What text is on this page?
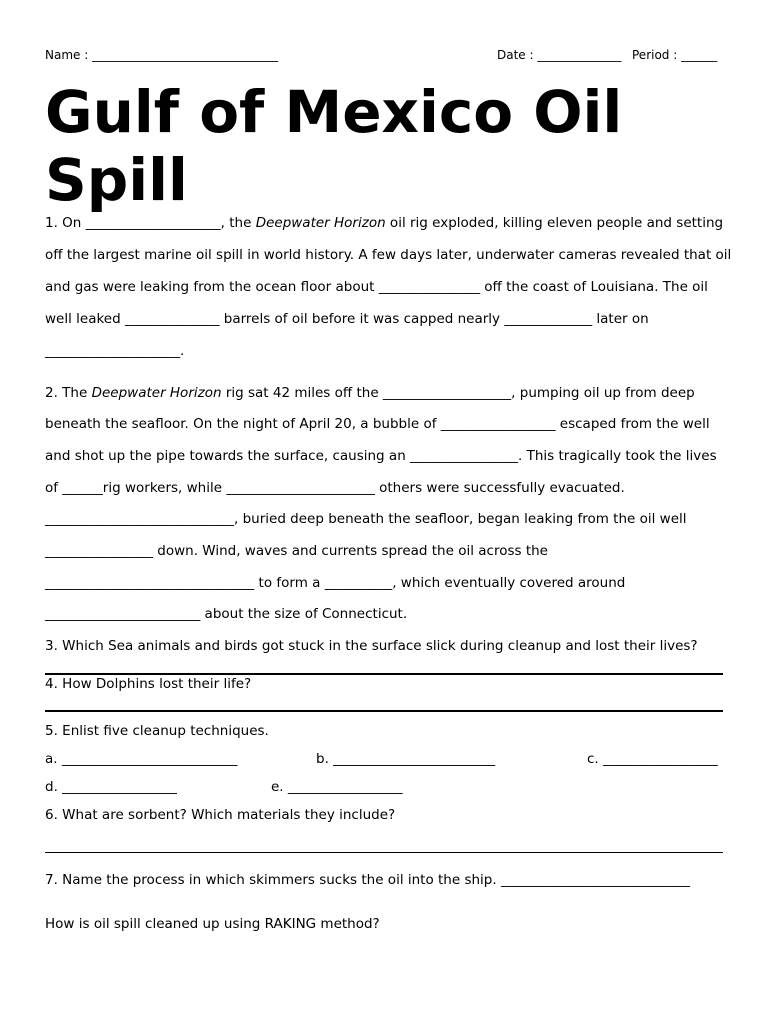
Name : _______________________________	Date : ______________ Period : ______
Gulf of Mexico Oil
Spill
1. On ____________________, the Deepwater Horizon oil rig exploded, killing eleven people and setting
off the largest marine oil spill in world history. A few days later, underwater cameras revealed that oil
and gas were leaking from the ocean floor about _______________ off the coast of Louisiana. The oil
well leaked ______________ barrels of oil before it was capped nearly _____________ later on
____________________.
2. The Deepwater Horizon rig sat 42 miles off the ___________________, pumping oil up from deep
beneath the seafloor. On the night of April 20, a bubble of _________________ escaped from the well
and shot up the pipe towards the surface, causing an ________________. This tragically took the lives
of ______rig workers, while ______________________ others were successfully evacuated.
____________________________, buried deep beneath the seafloor, began leaking from the oil well
________________ down. Wind, waves and currents spread the oil across the
_______________________________ to form a __________, which eventually covered around
_______________________ about the size of Connecticut.
3. Which Sea animals and birds got stuck in the surface slick during cleanup and lost their lives?
4. How Dolphins lost their life?
5. Enlist five cleanup techniques.
a. __________________________	b. ________________________	c. _________________
d. _________________	e. _________________
6. What are sorbent? Which materials they include?
7. Name the process in which skimmers sucks the oil into the ship. ____________________________
How is oil spill cleaned up using RAKING method?
